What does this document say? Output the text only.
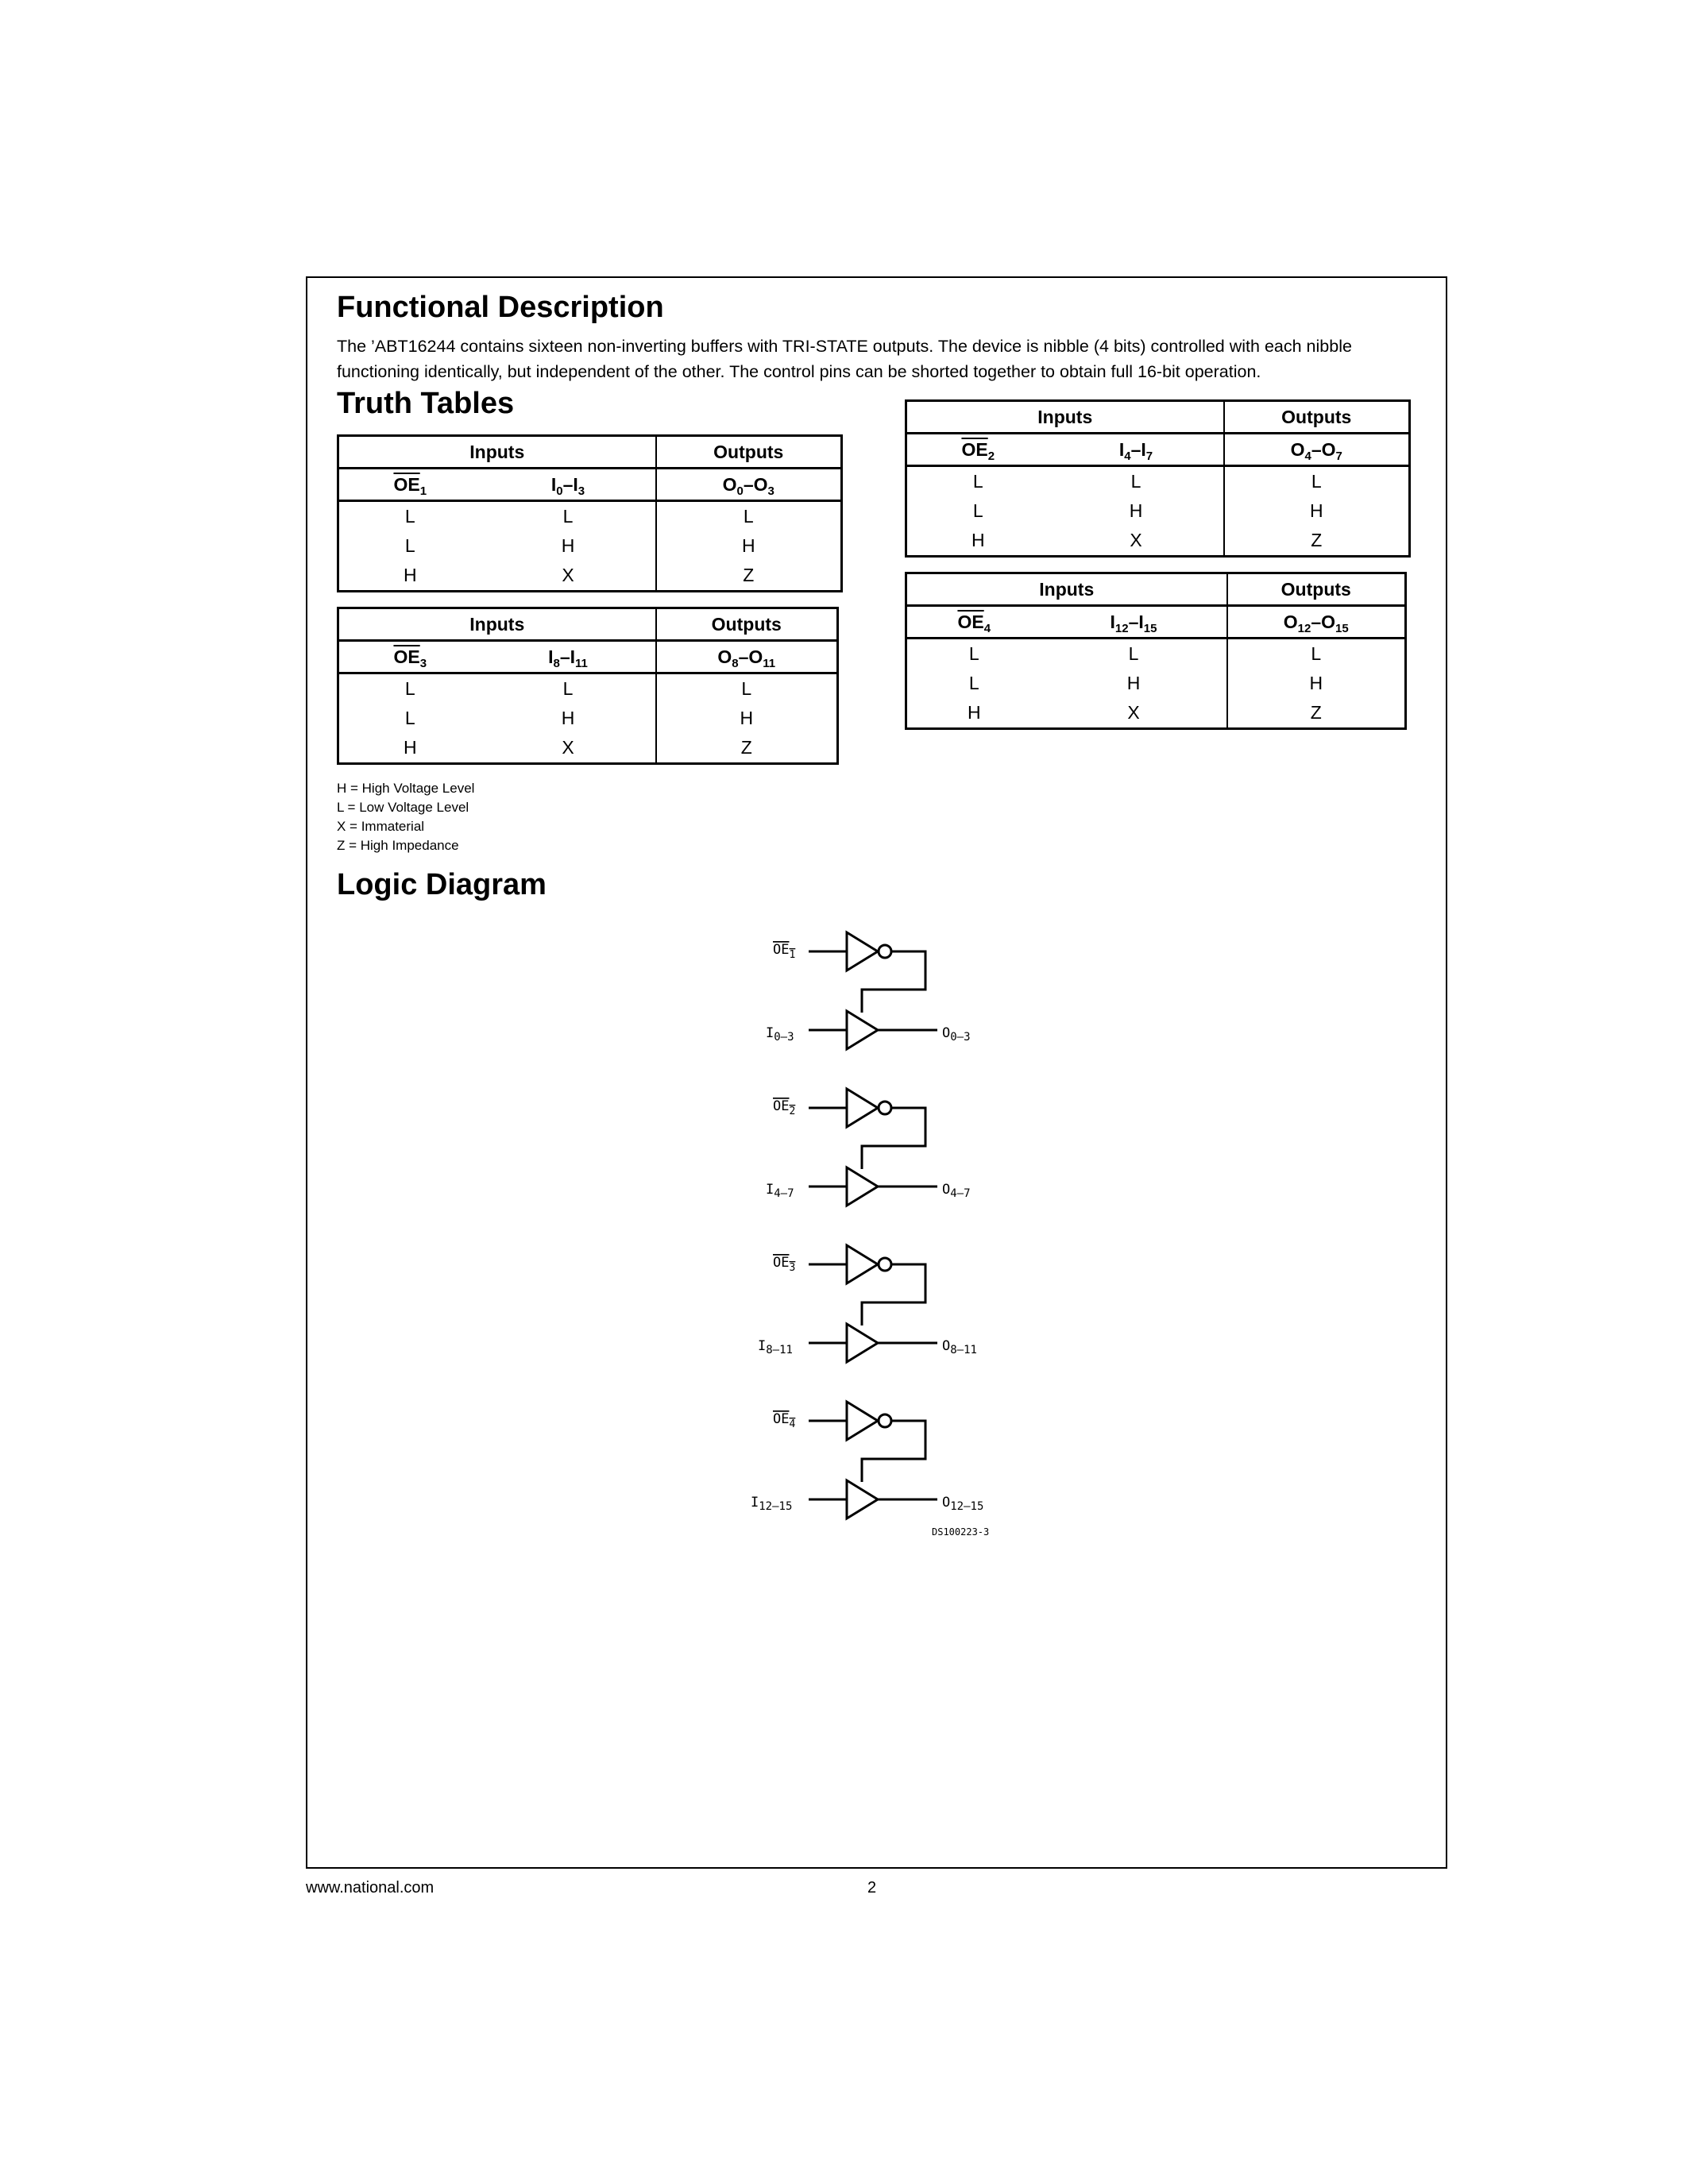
Functional Description

The ’ABT16244 contains sixteen non-inverting buffers with TRI-STATE outputs. The device is nibble (4 bits) controlled with each nibble functioning identically, but independent of the other. The control pins can be shorted together to obtain full 16-bit operation.

Truth Tables
Inputs		Outputs
$\overline{OE}_1$	$I_0-I_3$	$O_0-O_3$
L	L	L
L	H	H
H	X	Z
Inputs		Outputs
$\overline{OE}_2$	$I_4-I_7$	$O_4-O_7$
L	L	L
L	H	H
H	X	Z
Inputs		Outputs
$\overline{OE}_3$	$I_8-I_{11}$	$O_8-O_{11}$
L	L	L
L	H	H
H	X	Z
Inputs		Outputs
$\overline{OE}_4$	$I_{12}-I_{15}$	$O_{12}-O_{15}$
L	L	L
L	H	H
H	X	Z
H = High Voltage Level
L = Low Voltage Level
X = Immaterial
Z = High Impedance
Logic Diagram
$OE_1$
$I_{0-3}$	$O_{0-3}$
$OE_2$
$I_{4-7}$	$O_{4-7}$
$OE_3$
$I_{8-11}$	$O_{8-11}$
$OE_4$
$I_{12-15}$	$O_{12-15}$
DS100223-3
www.national.com	2
